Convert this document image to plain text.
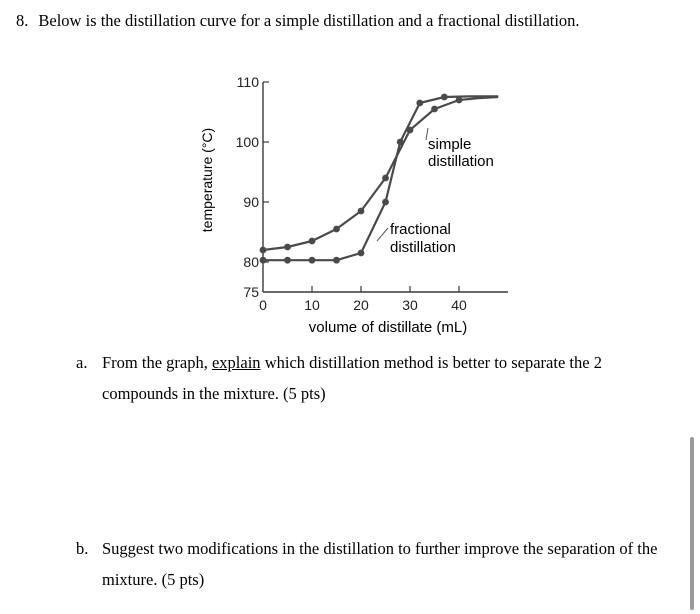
8. Below is the distillation curve for a simple distillation and a fractional distillation.
75
80
90
100
110
0	10 20 30 40
temperature (°C)
volume of distillate (mL)
simple
distillation
fractional
distillation
a. From the graph, explain which distillation method is better to separate the 2 compounds in the mixture. (5 pts)
b. Suggest two modifications in the distillation to further improve the separation of the mixture. (5 pts)
